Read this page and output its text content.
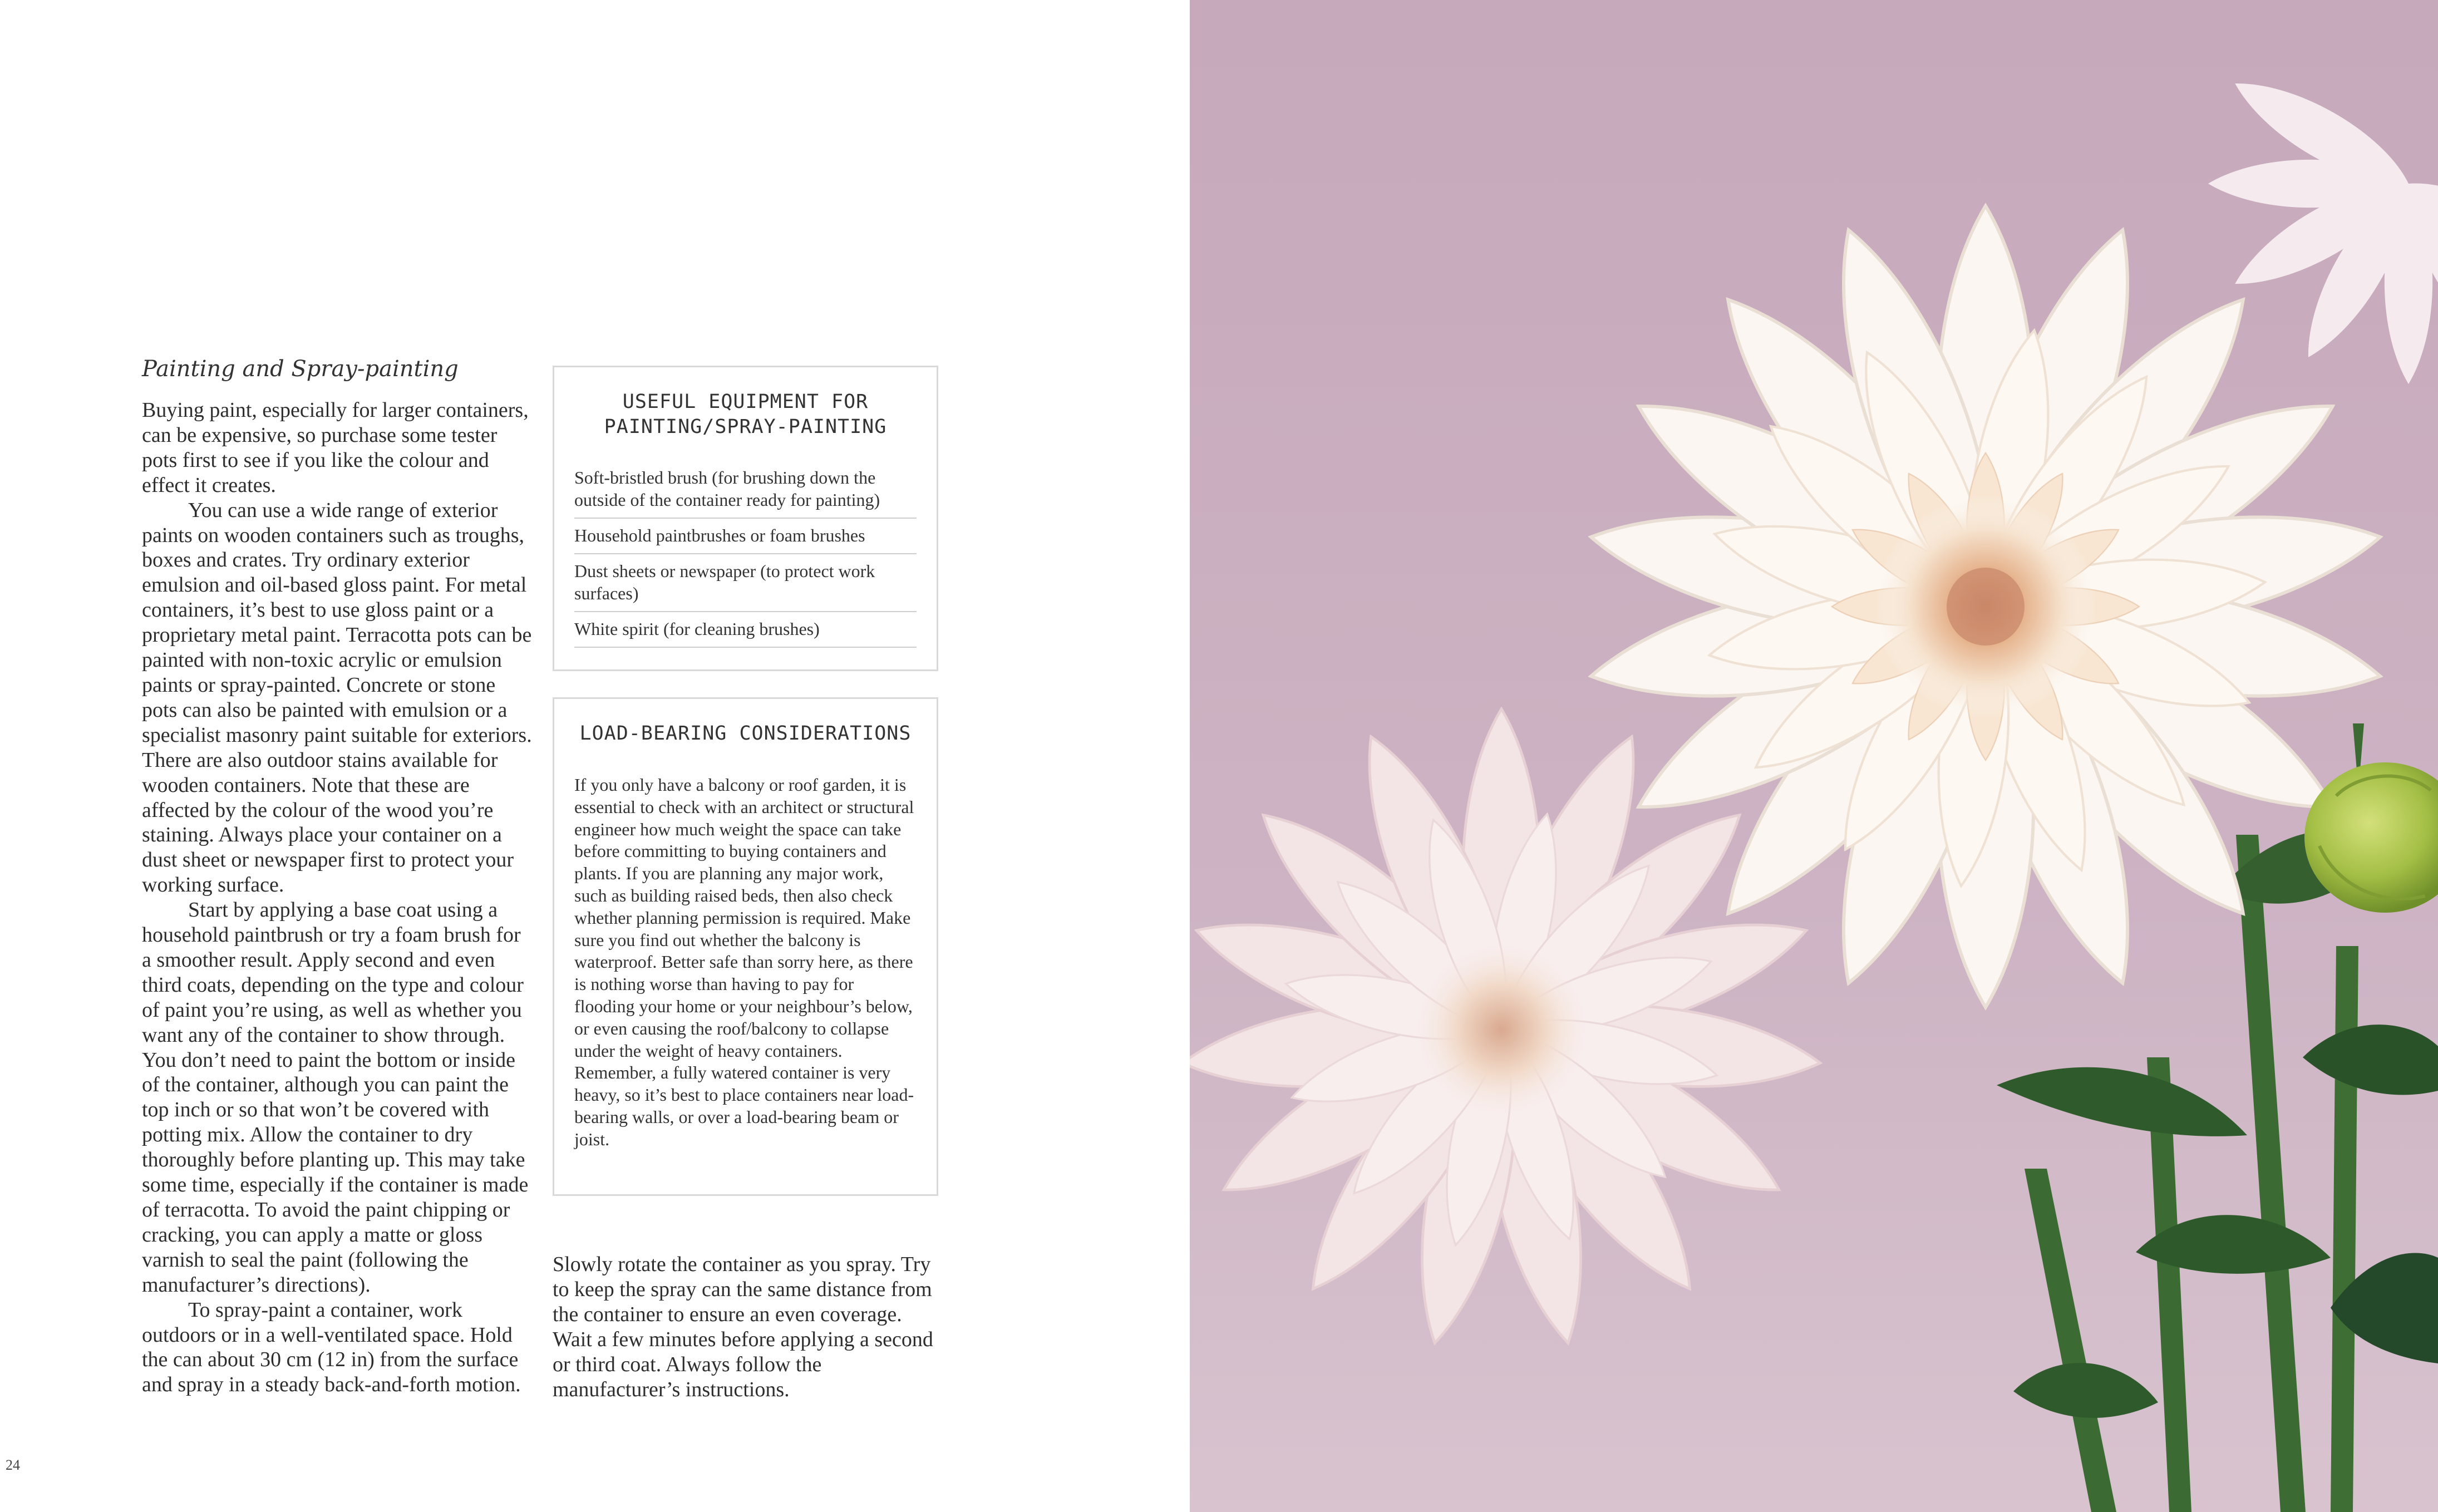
Painting and Spray-painting

Buying paint, especially for larger containers, can be expensive, so purchase some tester pots first to see if you like the colour and effect it creates.

You can use a wide range of exterior paints on wooden containers such as troughs, boxes and crates. Try ordinary exterior emulsion and oil-based gloss paint. For metal containers, it’s best to use gloss paint or a proprietary metal paint. Terracotta pots can be painted with non-toxic acrylic or emulsion paints or spray-painted. Concrete or stone pots can also be painted with emulsion or a specialist masonry paint suitable for exteriors. There are also outdoor stains available for wooden containers. Note that these are affected by the colour of the wood you’re staining. Always place your container on a dust sheet or newspaper first to protect your working surface.

Start by applying a base coat using a household paintbrush or try a foam brush for a smoother result. Apply second and even third coats, depending on the type and colour of paint you’re using, as well as whether you want any of the container to show through. You don’t need to paint the bottom or inside of the container, although you can paint the top inch or so that won’t be covered with potting mix. Allow the container to dry thoroughly before planting up. This may take some time, especially if the container is made of terracotta. To avoid the paint chipping or cracking, you can apply a matte or gloss varnish to seal the paint (following the manufacturer’s directions).

To spray-paint a container, work outdoors or in a well-ventilated space. Hold the can about 30 cm (12 in) from the surface and spray in a steady back-and-forth motion.

USEFUL EQUIPMENT FOR PAINTING/SPRAY-PAINTING
Soft-bristled brush (for brushing down the outside of the container ready for painting)
Household paintbrushes or foam brushes
Dust sheets or newspaper (to protect work surfaces)
White spirit (for cleaning brushes)
LOAD-BEARING CONSIDERATIONS
If you only have a balcony or roof garden, it is essential to check with an architect or structural engineer how much weight the space can take before committing to buying containers and plants. If you are planning any major work, such as building raised beds, then also check whether planning permission is required. Make sure you find out whether the balcony is waterproof. Better safe than sorry here, as there is nothing worse than having to pay for flooding your home or your neighbour’s below, or even causing the roof/balcony to collapse under the weight of heavy containers. Remember, a fully watered container is very heavy, so it’s best to place containers near load-bearing walls, or over a load-bearing beam or joist.

Slowly rotate the container as you spray. Try to keep the spray can the same distance from the container to ensure an even coverage. Wait a few minutes before applying a second or third coat. Always follow the manufacturer’s instructions.

24
